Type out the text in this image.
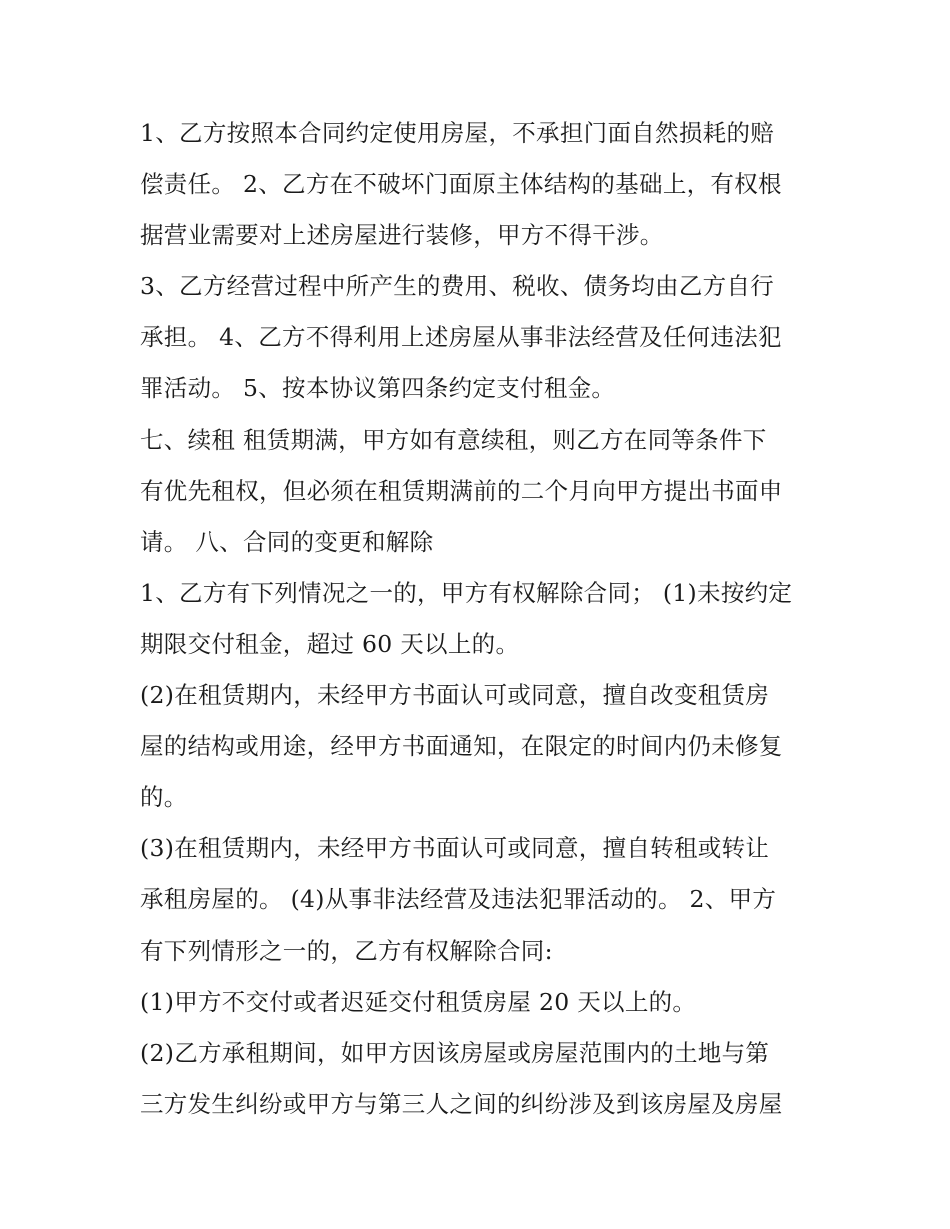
1、乙方按照本合同约定使用房屋，不承担门面自然损耗的赔
偿责任。 2、乙方在不破坏门面原主体结构的基础上，有权根
据营业需要对上述房屋进行装修，甲方不得干涉。
3、乙方经营过程中所产生的费用、税收、债务均由乙方自行
承担。 4、乙方不得利用上述房屋从事非法经营及任何违法犯
罪活动。 5、按本协议第四条约定支付租金。
七、续租 租赁期满，甲方如有意续租，则乙方在同等条件下
有优先租权，但必须在租赁期满前的二个月向甲方提出书面申
请。 八、合同的变更和解除
1、乙方有下列情况之一的，甲方有权解除合同； (1)未按约定
期限交付租金，超过 60 天以上的。
(2)在租赁期内，未经甲方书面认可或同意，擅自改变租赁房
屋的结构或用途，经甲方书面通知，在限定的时间内仍未修复
的。
(3)在租赁期内，未经甲方书面认可或同意，擅自转租或转让
承租房屋的。 (4)从事非法经营及违法犯罪活动的。 2、甲方
有下列情形之一的，乙方有权解除合同:
(1)甲方不交付或者迟延交付租赁房屋 20 天以上的。
(2)乙方承租期间，如甲方因该房屋或房屋范围内的土地与第
三方发生纠纷或甲方与第三人之间的纠纷涉及到该房屋及房屋
